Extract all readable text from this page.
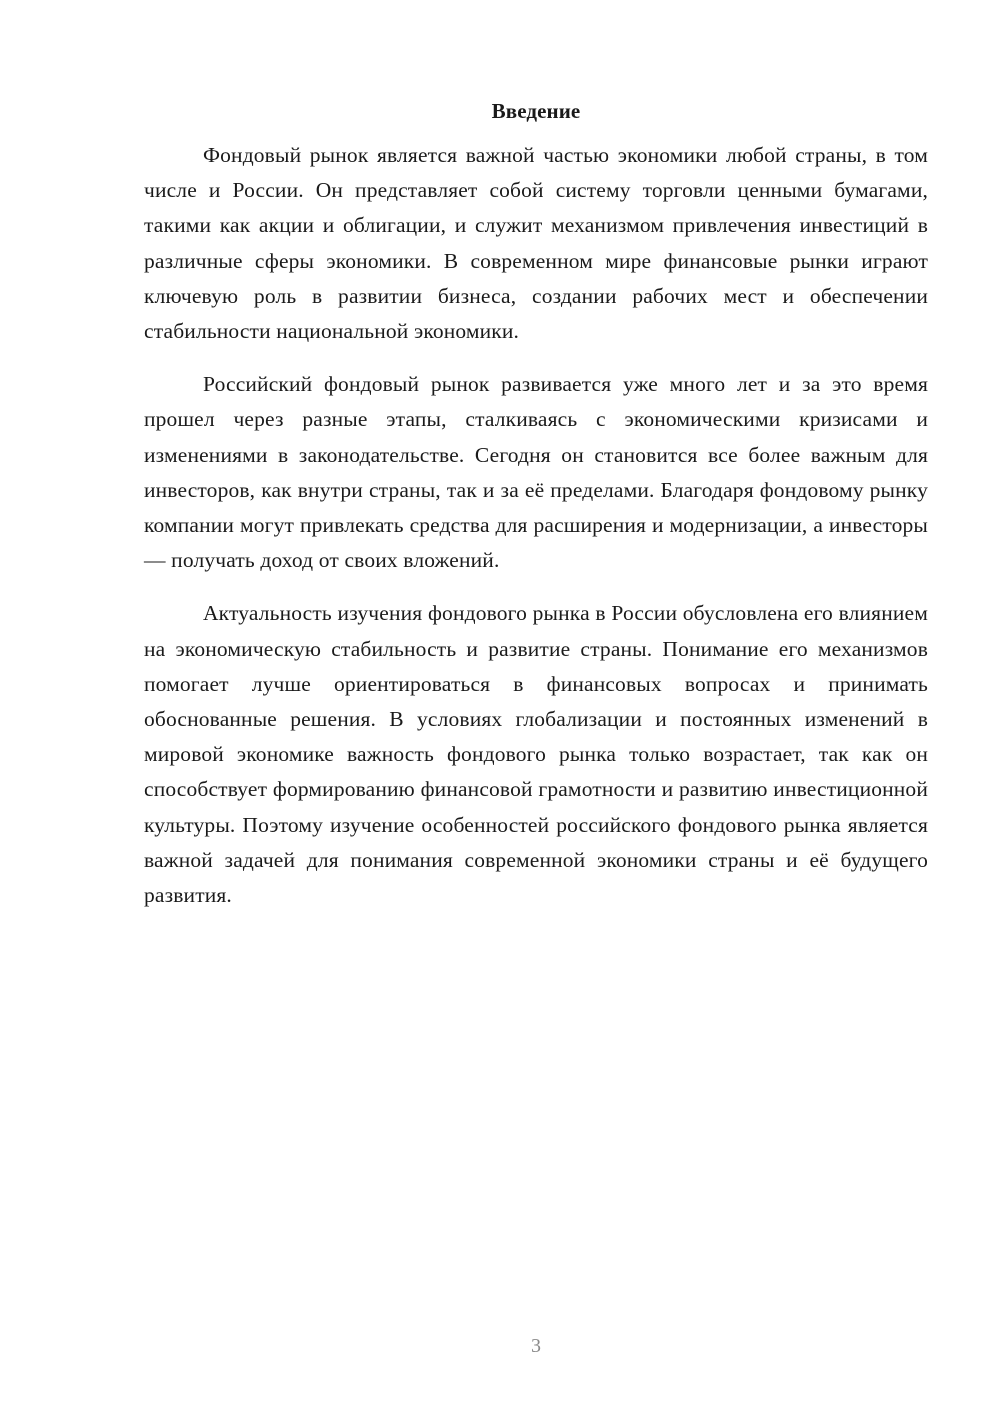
Введение

Фондовый рынок является важной частью экономики любой страны, в том числе и России. Он представляет собой систему торговли ценными бумагами, такими как акции и облигации, и служит механизмом привлечения инвестиций в различные сферы экономики. В современном мире финансовые рынки играют ключевую роль в развитии бизнеса, создании рабочих мест и обеспечении стабильности национальной экономики.

Российский фондовый рынок развивается уже много лет и за это время прошел через разные этапы, сталкиваясь с экономическими кризисами и изменениями в законодательстве. Сегодня он становится все более важным для инвесторов, как внутри страны, так и за её пределами. Благодаря фондовому рынку компании могут привлекать средства для расширения и модернизации, а инвесторы — получать доход от своих вложений.

Актуальность изучения фондового рынка в России обусловлена его влиянием на экономическую стабильность и развитие страны. Понимание его механизмов помогает лучше ориентироваться в финансовых вопросах и принимать обоснованные решения. В условиях глобализации и постоянных изменений в мировой экономике важность фондового рынка только возрастает, так как он способствует формированию финансовой грамотности и развитию инвестиционной культуры. Поэтому изучение особенностей российского фондового рынка является важной задачей для понимания современной экономики страны и её будущего развития.

3
